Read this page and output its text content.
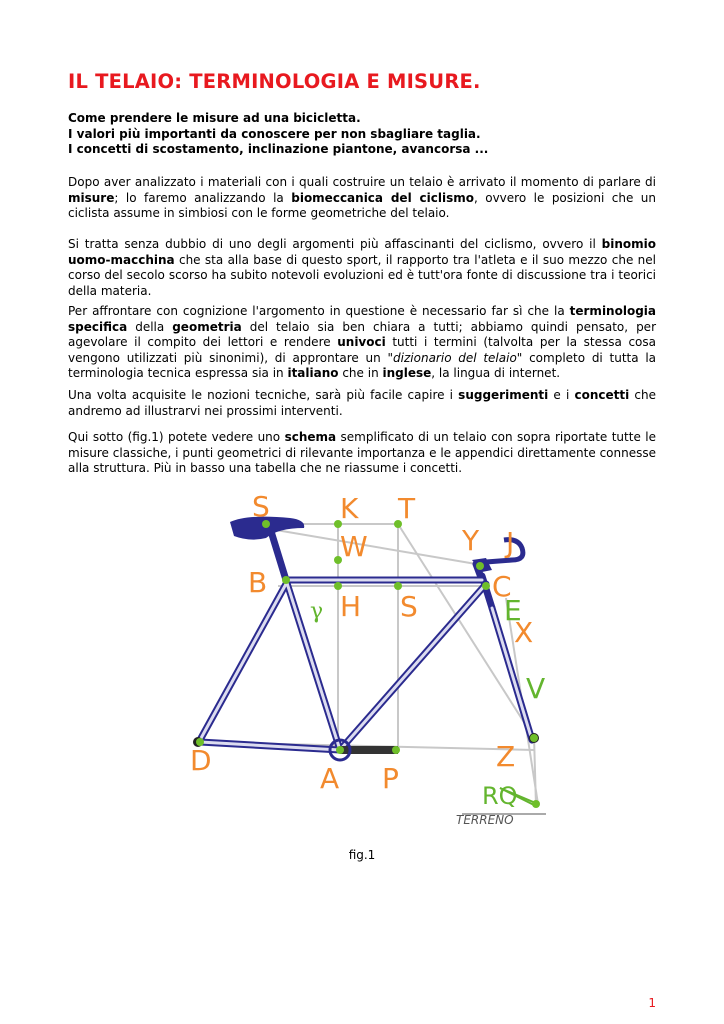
IL TELAIO: TERMINOLOGIA E MISURE.
Come prendere le misure ad una bicicletta.
I valori più importanti da conoscere per non sbagliare taglia.
I concetti di scostamento, inclinazione piantone, avancorsa ...

Dopo aver analizzato i materiali con i quali costruire un telaio è arrivato il momento di parlare di misure; lo faremo analizzando la biomeccanica del ciclismo, ovvero le posizioni che un ciclista assume in simbiosi con le forme geometriche del telaio.

Si tratta senza dubbio di uno degli argomenti più affascinanti del ciclismo, ovvero il binomio uomo-macchina che sta alla base di questo sport, il rapporto tra l'atleta e il suo mezzo che nel corso del secolo scorso ha subito notevoli evoluzioni ed è tutt'ora fonte di discussione tra i teorici della materia.

Per affrontare con cognizione l'argomento in questione è necessario far sì che la terminologia specifica della geometria del telaio sia ben chiara a tutti; abbiamo quindi pensato, per agevolare il compito dei lettori e rendere univoci tutti i termini (talvolta per la stessa cosa vengono utilizzati più sinonimi), di approntare un "dizionario del telaio" completo di tutta la terminologia tecnica espressa sia in italiano che in inglese, la lingua di internet.

Una volta acquisite le nozioni tecniche, sarà più facile capire i suggerimenti e i concetti che andremo ad illustrarvi nei prossimi interventi.

Qui sotto (fig.1) potete vedere uno schema semplificato di un telaio con sopra riportate tutte le misure classiche, i punti geometrici di rilevante importanza e le appendici direttamente connesse alla struttura. Più in basso una tabella che ne riassume i concetti.

S	K T
W	Y J
B	C
H S	E
X
V
D
A P
Z
RQ
γ
TERRENO
fig.1
1
